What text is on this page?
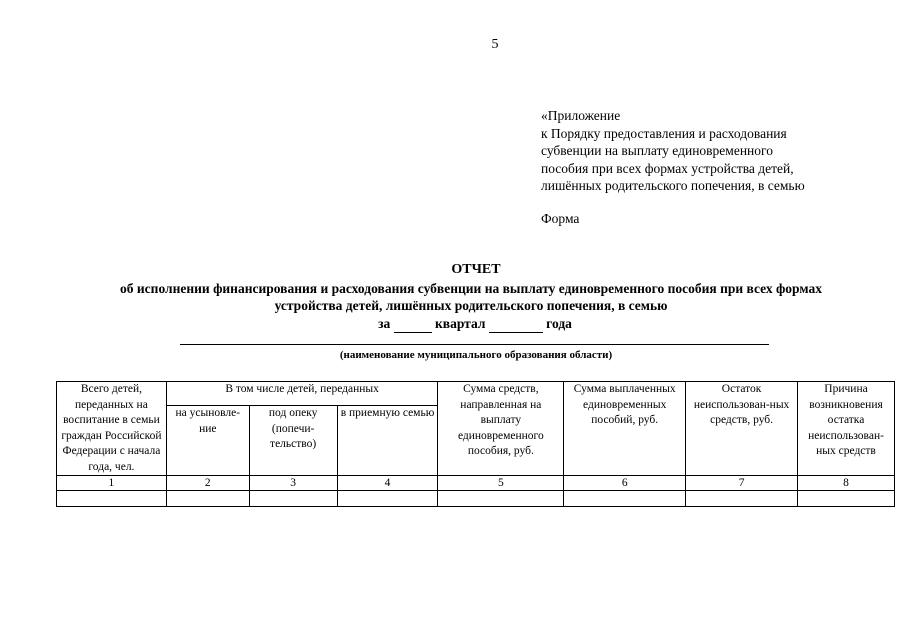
5
«Приложение
к Порядку предоставления и расходования
субвенции на выплату единовременного
пособия при всех формах устройства детей,
лишённых родительского попечения, в семью
Форма
ОТЧЕТ
об исполнении финансирования и расходования субвенции на выплату единовременного пособия при всех формах
устройства детей, лишённых родительского попечения, в семью
за	квартал	года
(наименование муниципального образования области)
Всего детей, переданных на воспитание в семьи граждан Российской Федерации с начала года, чел.	В том числе детей, переданных			Сумма средств, направленная на выплату единовременного пособия, руб.	Сумма выплаченных единовременных пособий, руб.	Остаток неиспользован-ных средств, руб.	Причина возникновения остатка неиспользован-ных средств
	на усыновле-ние	под опеку (попечи-тельство)	в приемную семью				
1	2	3	4	5	6	7	8
